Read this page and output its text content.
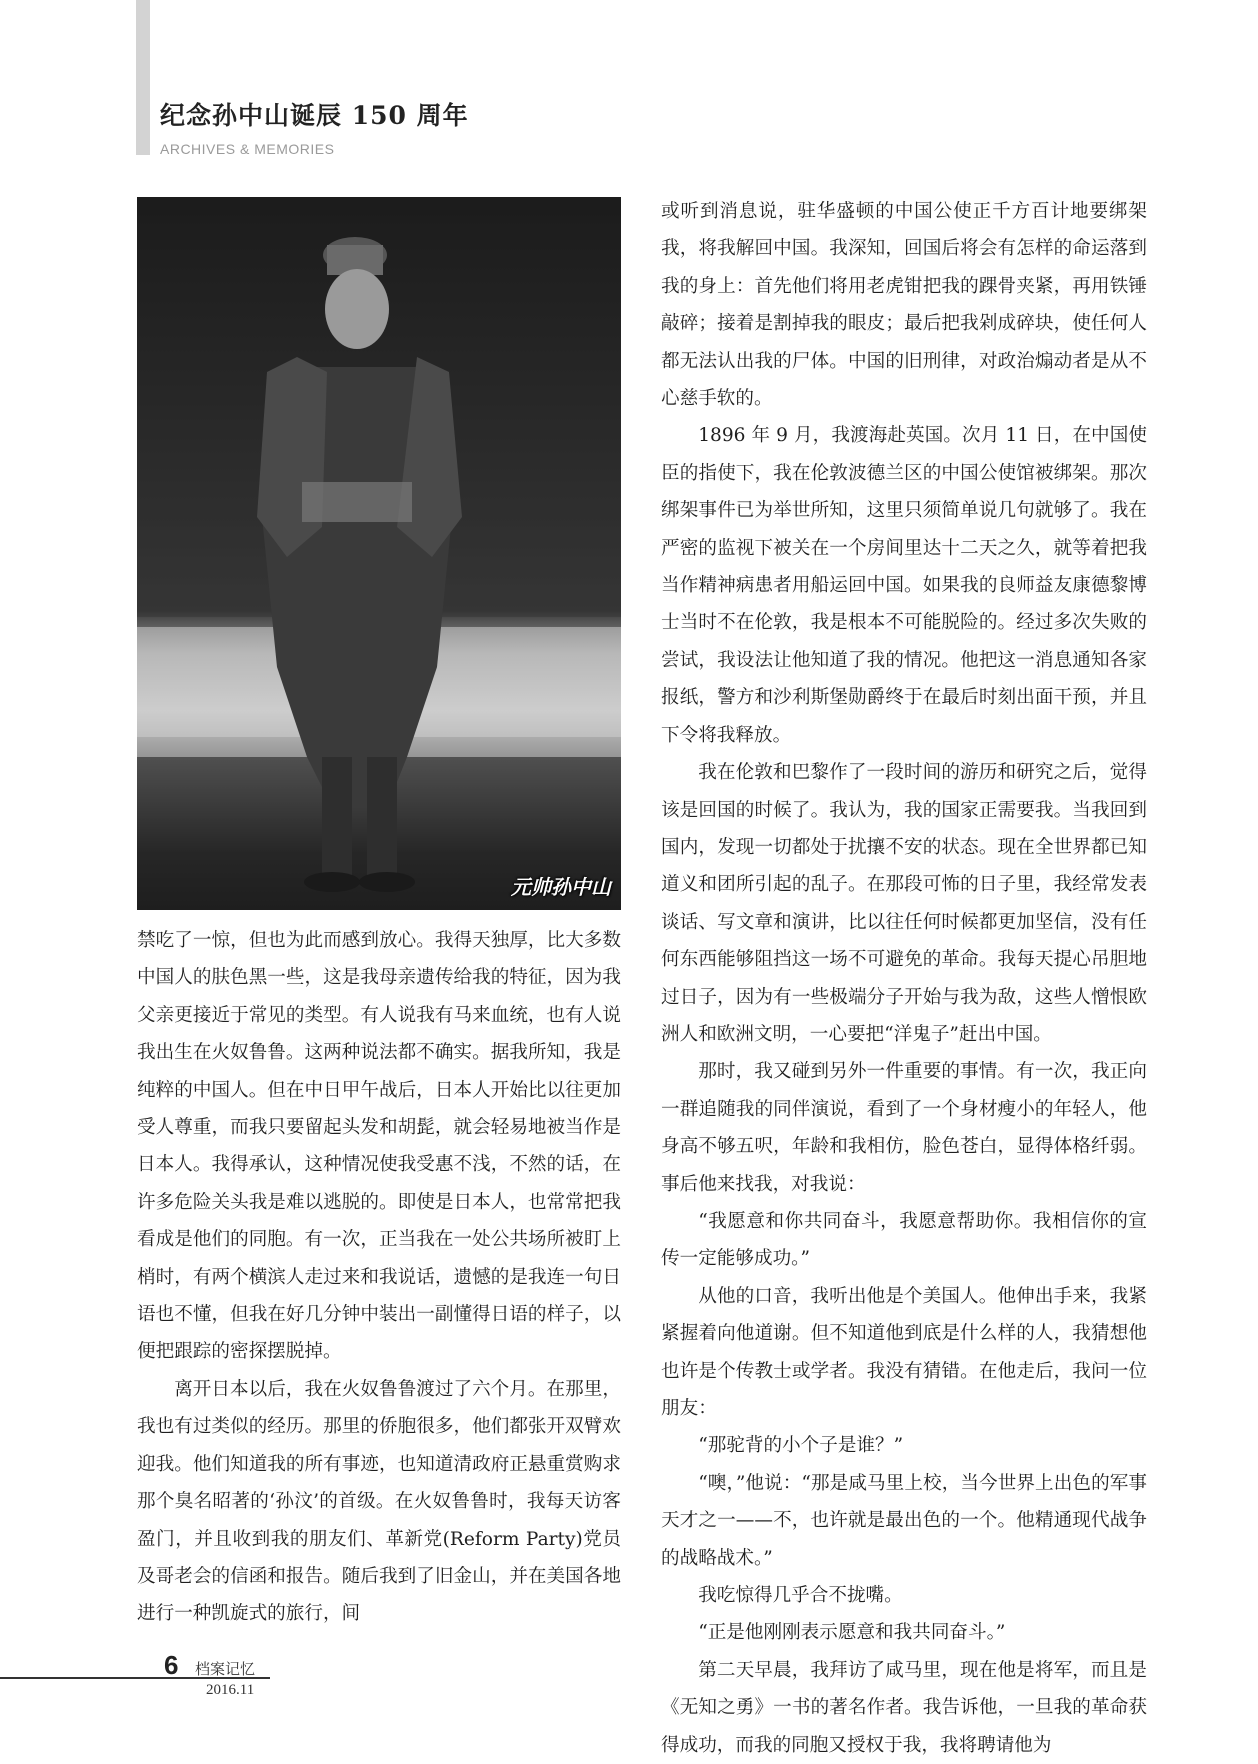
纪念孙中山诞辰 150 周年
ARCHIVES & MEMORIES
元帅孙中山

禁吃了一惊，但也为此而感到放心。我得天独厚，比大多数中国人的肤色黑一些，这是我母亲遗传给我的特征，因为我父亲更接近于常见的类型。有人说我有马来血统，也有人说我出生在火奴鲁鲁。这两种说法都不确实。据我所知，我是纯粹的中国人。但在中日甲午战后，日本人开始比以往更加受人尊重，而我只要留起头发和胡髭，就会轻易地被当作是日本人。我得承认，这种情况使我受惠不浅，不然的话，在许多危险关头我是难以逃脱的。即使是日本人，也常常把我看成是他们的同胞。有一次，正当我在一处公共场所被盯上梢时，有两个横滨人走过来和我说话，遗憾的是我连一句日语也不懂，但我在好几分钟中装出一副懂得日语的样子，以便把跟踪的密探摆脱掉。

离开日本以后，我在火奴鲁鲁渡过了六个月。在那里，我也有过类似的经历。那里的侨胞很多，他们都张开双臂欢迎我。他们知道我的所有事迹，也知道清政府正悬重赏购求那个臭名昭著的‘孙汶’的首级。在火奴鲁鲁时，我每天访客盈门，并且收到我的朋友们、革新党(Reform Party)党员及哥老会的信函和报告。随后我到了旧金山，并在美国各地进行一种凯旋式的旅行，间

或听到消息说，驻华盛顿的中国公使正千方百计地要绑架我，将我解回中国。我深知，回国后将会有怎样的命运落到我的身上：首先他们将用老虎钳把我的踝骨夹紧，再用铁锤敲碎；接着是割掉我的眼皮；最后把我剁成碎块，使任何人都无法认出我的尸体。中国的旧刑律，对政治煽动者是从不心慈手软的。

1896 年 9 月，我渡海赴英国。次月 11 日，在中国使臣的指使下，我在伦敦波德兰区的中国公使馆被绑架。那次绑架事件已为举世所知，这里只须简单说几句就够了。我在严密的监视下被关在一个房间里达十二天之久，就等着把我当作精神病患者用船运回中国。如果我的良师益友康德黎博士当时不在伦敦，我是根本不可能脱险的。经过多次失败的尝试，我设法让他知道了我的情况。他把这一消息通知各家报纸，警方和沙利斯堡勋爵终于在最后时刻出面干预，并且下令将我释放。

我在伦敦和巴黎作了一段时间的游历和研究之后，觉得该是回国的时候了。我认为，我的国家正需要我。当我回到国内，发现一切都处于扰攘不安的状态。现在全世界都已知道义和团所引起的乱子。在那段可怖的日子里，我经常发表谈话、写文章和演讲，比以往任何时候都更加坚信，没有任何东西能够阻挡这一场不可避免的革命。我每天提心吊胆地过日子，因为有一些极端分子开始与我为敌，这些人憎恨欧洲人和欧洲文明，一心要把“洋鬼子”赶出中国。

那时，我又碰到另外一件重要的事情。有一次，我正向一群追随我的同伴演说，看到了一个身材瘦小的年轻人，他身高不够五呎，年龄和我相仿，脸色苍白，显得体格纤弱。事后他来找我，对我说：

“我愿意和你共同奋斗，我愿意帮助你。我相信你的宣传一定能够成功。”

从他的口音，我听出他是个美国人。他伸出手来，我紧紧握着向他道谢。但不知道他到底是什么样的人，我猜想他也许是个传教士或学者。我没有猜错。在他走后，我问一位朋友：

“那驼背的小个子是谁？”

“噢，”他说：“那是咸马里上校，当今世界上出色的军事天才之一——不，也许就是最出色的一个。他精通现代战争的战略战术。”

我吃惊得几乎合不拢嘴。

“正是他刚刚表示愿意和我共同奋斗。”

第二天早晨，我拜访了咸马里，现在他是将军，而且是《无知之勇》一书的著名作者。我告诉他，一旦我的革命获得成功，而我的同胞又授权于我，我将聘请他为

6 档案记忆
2016.11
